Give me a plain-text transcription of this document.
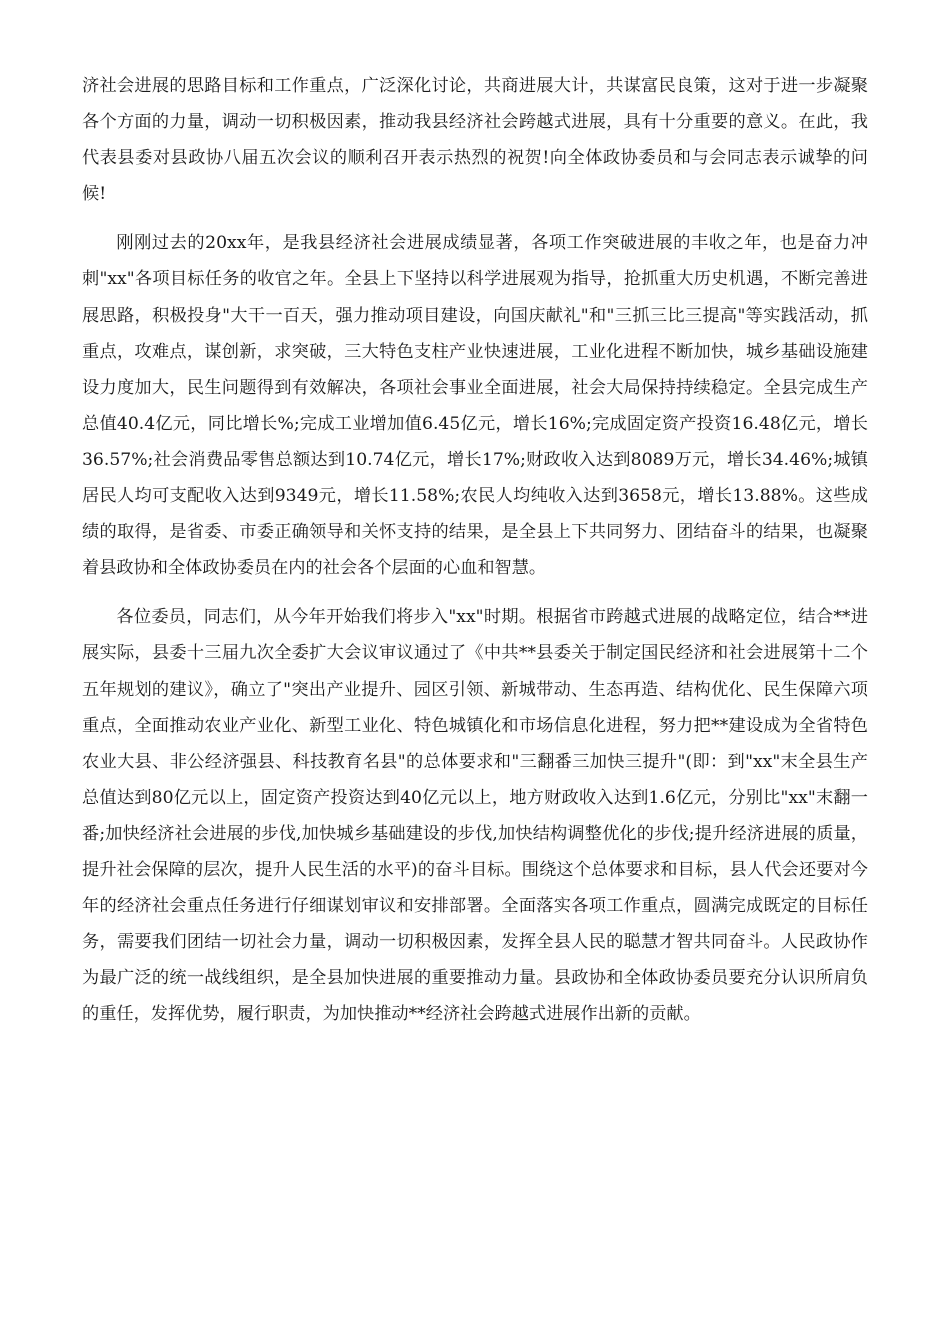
济社会进展的思路目标和工作重点，广泛深化讨论，共商进展大计，共谋富民良策，这对于进一步凝聚各个方面的力量，调动一切积极因素，推动我县经济社会跨越式进展，具有十分重要的意义。在此，我代表县委对县政协八届五次会议的顺利召开表示热烈的祝贺!向全体政协委员和与会同志表示诚挚的问候!

刚刚过去的20xx年，是我县经济社会进展成绩显著，各项工作突破进展的丰收之年，也是奋力冲刺"xx"各项目标任务的收官之年。全县上下坚持以科学进展观为指导，抢抓重大历史机遇，不断完善进展思路，积极投身"大干一百天，强力推动项目建设，向国庆献礼"和"三抓三比三提高"等实践活动，抓重点，攻难点，谋创新，求突破，三大特色支柱产业快速进展，工业化进程不断加快，城乡基础设施建设力度加大，民生问题得到有效解决，各项社会事业全面进展，社会大局保持持续稳定。全县完成生产总值40.4亿元，同比增长%;完成工业增加值6.45亿元，增长16%;完成固定资产投资16.48亿元，增长36.57%;社会消费品零售总额达到10.74亿元，增长17%;财政收入达到8089万元，增长34.46%;城镇居民人均可支配收入达到9349元，增长11.58%;农民人均纯收入达到3658元，增长13.88%。这些成绩的取得，是省委、市委正确领导和关怀支持的结果，是全县上下共同努力、团结奋斗的结果，也凝聚着县政协和全体政协委员在内的社会各个层面的心血和智慧。

各位委员，同志们，从今年开始我们将步入"xx"时期。根据省市跨越式进展的战略定位，结合**进展实际，县委十三届九次全委扩大会议审议通过了《中共**县委关于制定国民经济和社会进展第十二个五年规划的建议》，确立了"突出产业提升、园区引领、新城带动、生态再造、结构优化、民生保障六项重点，全面推动农业产业化、新型工业化、特色城镇化和市场信息化进程，努力把**建设成为全省特色农业大县、非公经济强县、科技教育名县"的总体要求和"三翻番三加快三提升"(即：到"xx"末全县生产总值达到80亿元以上，固定资产投资达到40亿元以上，地方财政收入达到1.6亿元，分别比"xx"末翻一番;加快经济社会进展的步伐,加快城乡基础建设的步伐,加快结构调整优化的步伐;提升经济进展的质量，提升社会保障的层次，提升人民生活的水平)的奋斗目标。围绕这个总体要求和目标，县人代会还要对今年的经济社会重点任务进行仔细谋划审议和安排部署。全面落实各项工作重点，圆满完成既定的目标任务，需要我们团结一切社会力量，调动一切积极因素，发挥全县人民的聪慧才智共同奋斗。人民政协作为最广泛的统一战线组织，是全县加快进展的重要推动力量。县政协和全体政协委员要充分认识所肩负的重任，发挥优势，履行职责，为加快推动**经济社会跨越式进展作出新的贡献。
